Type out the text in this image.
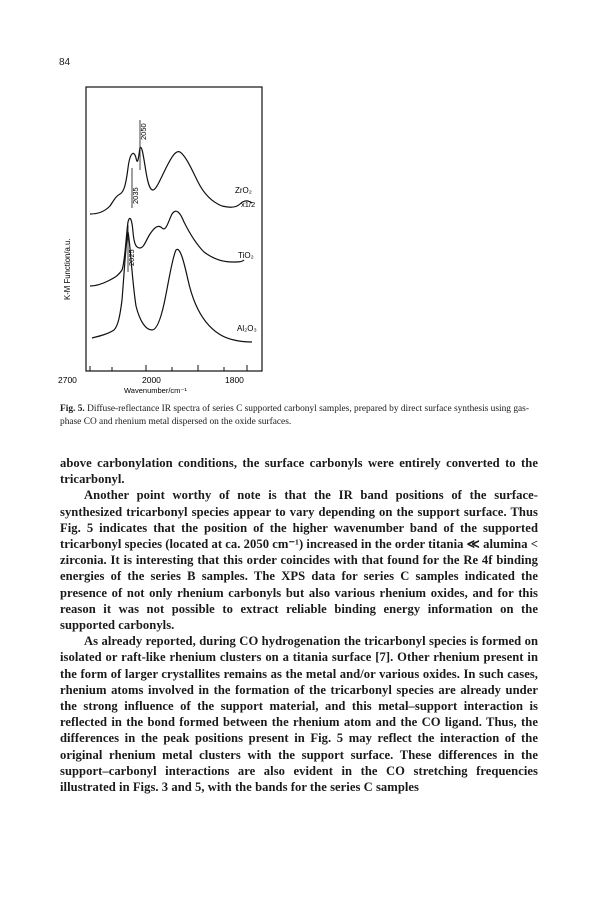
84
2700	2000	1800
Wavenumber/cm⁻¹
K-M Function/a.u.
2050
2035
2025
ZrO₂
x1/2
TiO₂
Al₂O₃
Fig. 5. Diffuse-reflectance IR spectra of series C supported carbonyl samples, prepared by direct surface synthesis using gas-phase CO and rhenium metal dispersed on the oxide surfaces.

above carbonylation conditions, the surface carbonyls were entirely converted to the tricarbonyl.

Another point worthy of note is that the IR band positions of the surface-synthesized tricarbonyl species appear to vary depending on the support surface. Thus Fig. 5 indicates that the position of the higher wavenumber band of the supported tricarbonyl species (located at ca. 2050 cm⁻¹) increased in the order titania ≪ alumina < zirconia. It is interesting that this order coincides with that found for the Re 4f binding energies of the series B samples. The XPS data for series C samples indicated the presence of not only rhenium carbonyls but also various rhenium oxides, and for this reason it was not possible to extract reliable binding energy information on the supported carbonyls.

As already reported, during CO hydrogenation the tricarbonyl species is formed on isolated or raft-like rhenium clusters on a titania surface [7]. Other rhenium present in the form of larger crystallites remains as the metal and/or various oxides. In such cases, rhenium atoms involved in the formation of the tricarbonyl species are already under the strong influence of the support material, and this metal–support interaction is reflected in the bond formed between the rhenium atom and the CO ligand. Thus, the differences in the peak positions present in Fig. 5 may reflect the interaction of the original rhenium metal clusters with the support surface. These differences in the support–carbonyl interactions are also evident in the CO stretching frequencies illustrated in Figs. 3 and 5, with the bands for the series C samples
